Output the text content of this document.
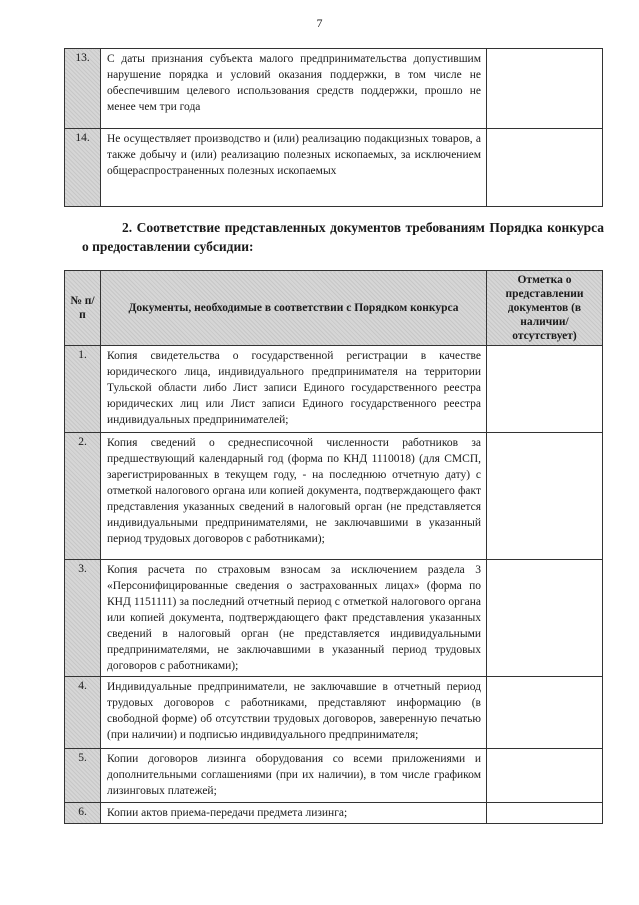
7
13.	С даты признания субъекта малого предпринимательства допустившим нарушение порядка и условий оказания поддержки, в том числе не обеспечившим целевого использования средств поддержки, прошло не менее чем три года	
14.	Не осуществляет производство и (или) реализацию подакцизных товаров, а также добычу и (или) реализацию полезных ископаемых, за исключением общераспространенных полезных ископаемых	
2. Соответствие представленных документов требованиям Порядка конкурса о предоставлении субсидии:
№ п/п	Документы, необходимые в соответствии с Порядком конкурса	Отметка о представлении документов (в наличии/ отсутствует)
1.	Копия свидетельства о государственной регистрации в качестве юридического лица, индивидуального предпринимателя на территории Тульской области либо Лист записи Единого государственного реестра юридических лиц или Лист записи Единого государственного реестра индивидуальных предпринимателей;	
2.	Копия сведений о среднесписочной численности работников за предшествующий календарный год (форма по КНД 1110018) (для СМСП, зарегистрированных в текущем году, - на последнюю отчетную дату) с отметкой налогового органа или копией документа, подтверждающего факт представления указанных сведений в налоговый орган (не представляется индивидуальными предпринимателями, не заключавшими в указанный период трудовых договоров с работниками);	
3.	Копия расчета по страховым взносам за исключением раздела 3 «Персонифицированные сведения о застрахованных лицах» (форма по КНД 1151111) за последний отчетный период с отметкой налогового органа или копией документа, подтверждающего факт представления указанных сведений в налоговый орган (не представляется индивидуальными предпринимателями, не заключавшими в указанный период трудовых договоров с работниками);	
4.	Индивидуальные предприниматели, не заключавшие в отчетный период трудовых договоров с работниками, представляют информацию (в свободной форме) об отсутствии трудовых договоров, заверенную печатью (при наличии) и подписью индивидуального предпринимателя;	
5.	Копии договоров лизинга оборудования со всеми приложениями и дополнительными соглашениями (при их наличии), в том числе графиком лизинговых платежей;	
6.	Копии актов приема-передачи предмета лизинга;	
